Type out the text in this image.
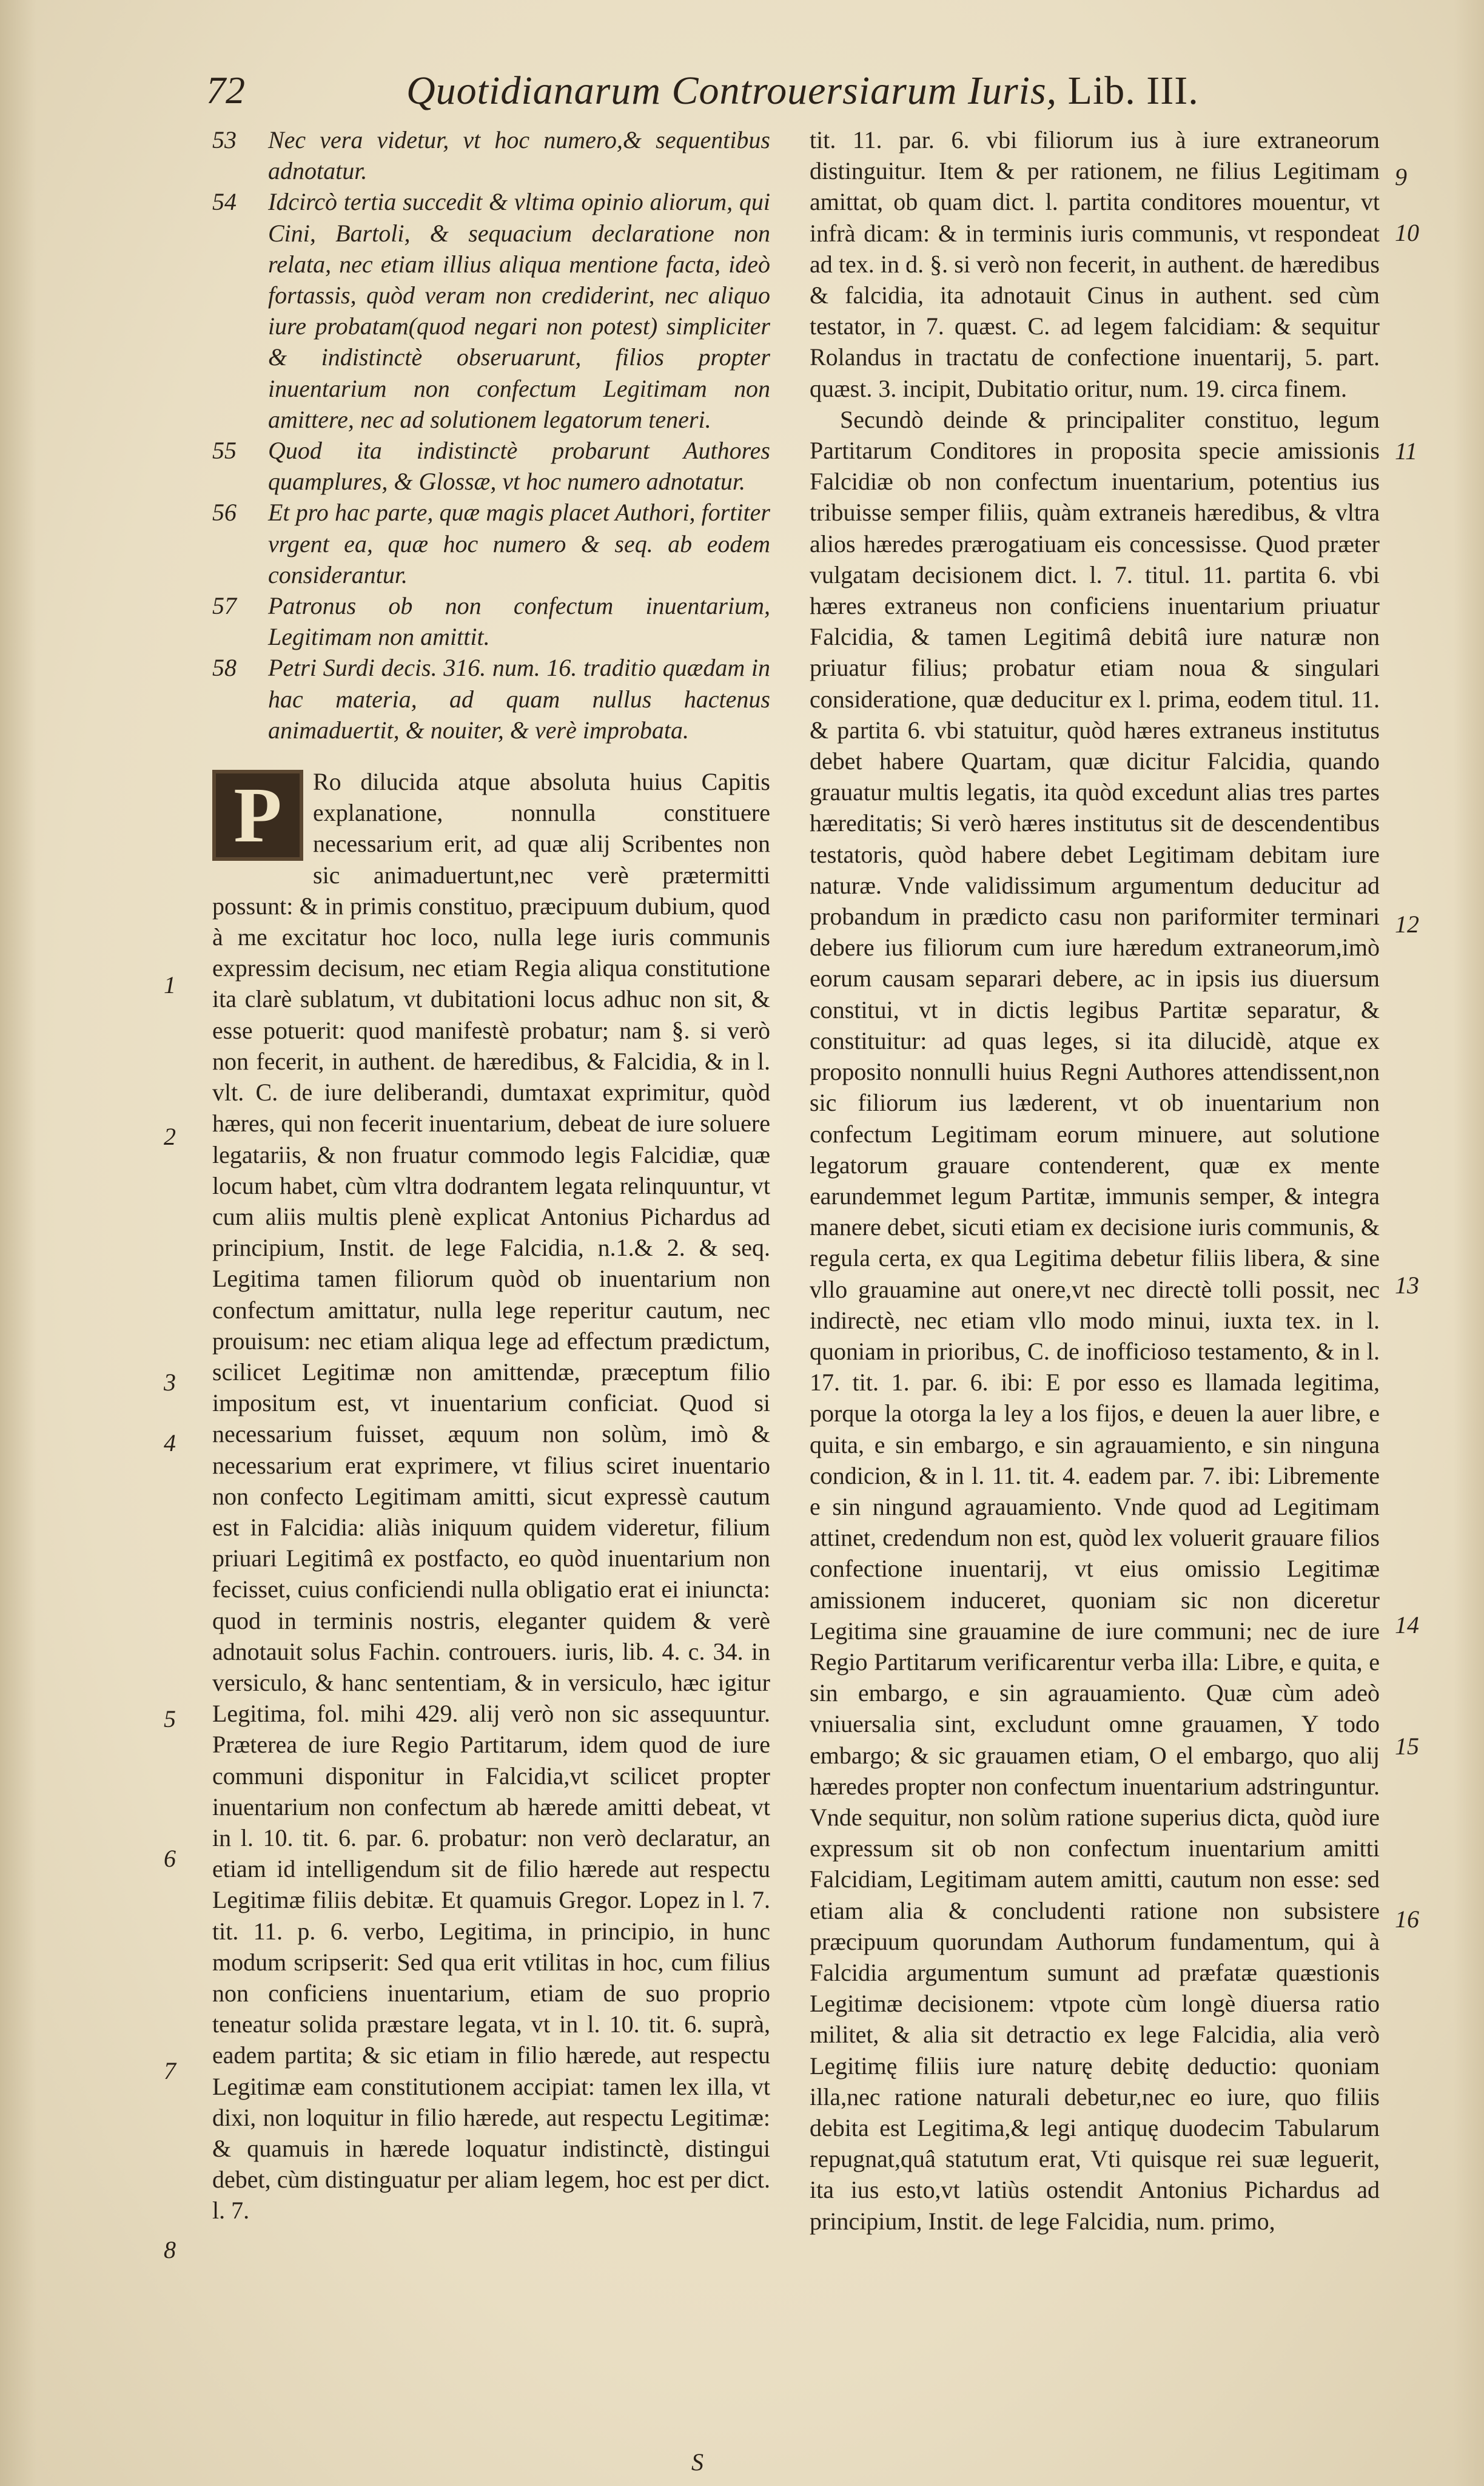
72	Quotidianarum Controuersiarum Iuris, Lib. III.
53	Nec vera videtur, vt hoc numero,& sequentibus adnotatur.
54	Idcircò tertia succedit & vltima opinio aliorum, qui Cini, Bartoli, & sequacium declaratione non relata, nec etiam illius aliqua mentione facta, ideò fortassis, quòd veram non crediderint, nec aliquo iure probatam(quod negari non potest) simpliciter & indistinctè obseruarunt, filios propter inuentarium non confectum Legitimam non amittere, nec ad solutionem legatorum teneri.
55	Quod ita indistinctè probarunt Authores quamplures, & Glossæ, vt hoc numero adnotatur.
56	Et pro hac parte, quæ magis placet Authori, fortiter vrgent ea, quæ hoc numero & seq. ab eodem considerantur.
57	Patronus ob non confectum inuentarium, Legitimam non amittit.
58	Petri Surdi decis. 316. num. 16. traditio quædam in hac materia, ad quam nullus hactenus animaduertit, & nouiter, & verè improbata.
P	Ro dilucida atque absoluta huius Capitis explanatione, nonnulla constituere necessarium erit, ad quæ alij Scribentes non sic animaduertunt,nec verè prætermitti possunt: & in primis constituo, præcipuum dubium, quod à me excitatur hoc loco, nulla lege iuris communis expressim decisum, nec etiam Regia aliqua constitutione ita clarè sublatum, vt dubitationi locus adhuc non sit, & esse potuerit: quod manifestè probatur; nam §. si verò non fecerit, in authent. de hæredibus, & Falcidia, & in l. vlt. C. de iure deliberandi, dumtaxat exprimitur, quòd hæres, qui non fecerit inuentarium, debeat de iure soluere legatariis, & non fruatur commodo legis Falcidiæ, quæ locum habet, cùm vltra dodrantem legata relinquuntur, vt cum aliis multis plenè explicat Antonius Pichardus ad principium, Instit. de lege Falcidia, n.1.& 2. & seq. Legitima tamen filiorum quòd ob inuentarium non confectum amittatur, nulla lege reperitur cautum, nec prouisum: nec etiam aliqua lege ad effectum prædictum, scilicet Legitimæ non amittendæ, præceptum filio impositum est, vt inuentarium conficiat. Quod si necessarium fuisset, æquum non solùm, imò & necessarium erat exprimere, vt filius sciret inuentario non confecto Legitimam amitti, sicut expressè cautum est in Falcidia: aliàs iniquum quidem videretur, filium priuari Legitimâ ex postfacto, eo quòd inuentarium non fecisset, cuius conficiendi nulla obligatio erat ei iniuncta: quod in terminis nostris, eleganter quidem & verè adnotauit solus Fachin. controuers. iuris, lib. 4. c. 34. in versiculo, & hanc sententiam, & in versiculo, hæc igitur Legitima, fol. mihi 429. alij verò non sic assequuntur. Præterea de iure Regio Partitarum, idem quod de iure communi disponitur in Falcidia,vt scilicet propter inuentarium non confectum ab hærede amitti debeat, vt in l. 10. tit. 6. par. 6. probatur: non verò declaratur, an etiam id intelligendum sit de filio hærede aut respectu Legitimæ filiis debitæ. Et quamuis Gregor. Lopez in l. 7. tit. 11. p. 6. verbo, Legitima, in principio, in hunc modum scripserit: Sed qua erit vtilitas in hoc, cum filius non conficiens inuentarium, etiam de suo proprio teneatur solida præstare legata, vt in l. 10. tit. 6. suprà, eadem partita; & sic etiam in filio hærede, aut respectu Legitimæ eam constitutionem accipiat: tamen lex illa, vt dixi, non loquitur in filio hærede, aut respectu Legitimæ: & quamuis in hærede loquatur indistinctè, distingui debet, cùm distinguatur per aliam legem, hoc est per dict. l. 7.

tit. 11. par. 6. vbi filiorum ius à iure extraneorum distinguitur. Item & per rationem, ne filius Legitimam amittat, ob quam dict. l. partita conditores mouentur, vt infrà dicam: & in terminis iuris communis, vt respondeat ad tex. in d. §. si verò non fecerit, in authent. de hæredibus & falcidia, ita adnotauit Cinus in authent. sed cùm testator, in 7. quæst. C. ad legem falcidiam: & sequitur Rolandus in tractatu de confectione inuentarij, 5. part. quæst. 3. incipit, Dubitatio oritur, num. 19. circa finem.

Secundò deinde & principaliter constituo, legum Partitarum Conditores in proposita specie amissionis Falcidiæ ob non confectum inuentarium, potentius ius tribuisse semper filiis, quàm extraneis hæredibus, & vltra alios hæredes prærogatiuam eis concessisse. Quod præter vulgatam decisionem dict. l. 7. titul. 11. partita 6. vbi hæres extraneus non conficiens inuentarium priuatur Falcidia, & tamen Legitimâ debitâ iure naturæ non priuatur filius; probatur etiam noua & singulari consideratione, quæ deducitur ex l. prima, eodem titul. 11. & partita 6. vbi statuitur, quòd hæres extraneus institutus debet habere Quartam, quæ dicitur Falcidia, quando grauatur multis legatis, ita quòd excedunt alias tres partes hæreditatis; Si verò hæres institutus sit de descendentibus testatoris, quòd habere debet Legitimam debitam iure naturæ. Vnde validissimum argumentum deducitur ad probandum in prædicto casu non pariformiter terminari debere ius filiorum cum iure hæredum extraneorum,imò eorum causam separari debere, ac in ipsis ius diuersum constitui, vt in dictis legibus Partitæ separatur, & constituitur: ad quas leges, si ita dilucidè, atque ex proposito nonnulli huius Regni Authores attendissent,non sic filiorum ius læderent, vt ob inuentarium non confectum Legitimam eorum minuere, aut solutione legatorum grauare contenderent, quæ ex mente earundemmet legum Partitæ, immunis semper, & integra manere debet, sicuti etiam ex decisione iuris communis, & regula certa, ex qua Legitima debetur filiis libera, & sine vllo grauamine aut onere,vt nec directè tolli possit, nec indirectè, nec etiam vllo modo minui, iuxta tex. in l. quoniam in prioribus, C. de inofficioso testamento, & in l. 17. tit. 1. par. 6. ibi: E por esso es llamada legitima, porque la otorga la ley a los fijos, e deuen la auer libre, e quita, e sin embargo, e sin agrauamiento, e sin ninguna condicion, & in l. 11. tit. 4. eadem par. 7. ibi: Libremente e sin ningund agrauamiento. Vnde quod ad Legitimam attinet, credendum non est, quòd lex voluerit grauare filios confectione inuentarij, vt eius omissio Legitimæ amissionem induceret, quoniam sic non diceretur Legitima sine grauamine de iure communi; nec de iure Regio Partitarum verificarentur verba illa: Libre, e quita, e sin embargo, e sin agrauamiento. Quæ cùm adeò vniuersalia sint, excludunt omne grauamen, Y todo embargo; & sic grauamen etiam, O el embargo, quo alij hæredes propter non confectum inuentarium adstringuntur. Vnde sequitur, non solùm ratione superius dicta, quòd iure expressum sit ob non confectum inuentarium amitti Falcidiam, Legitimam autem amitti, cautum non esse: sed etiam alia & concludenti ratione non subsistere præcipuum quorundam Authorum fundamentum, qui à Falcidia argumentum sumunt ad præfatæ quæstionis Legitimæ decisionem: vtpote cùm longè diuersa ratio militet, & alia sit detractio ex lege Falcidia, alia verò Legitimę filiis iure naturę debitę deductio: quoniam illa,nec ratione naturali debetur,nec eo iure, quo filiis debita est Legitima,& legi antiquę duodecim Tabularum repugnat,quâ statutum erat, Vti quisque rei suæ leguerit, ita ius esto,vt latiùs ostendit Antonius Pichardus ad principium, Instit. de lege Falcidia, num. primo,

1
2
3
4
5
6
7
8
9
10
11
12
13
14
15
16
S
